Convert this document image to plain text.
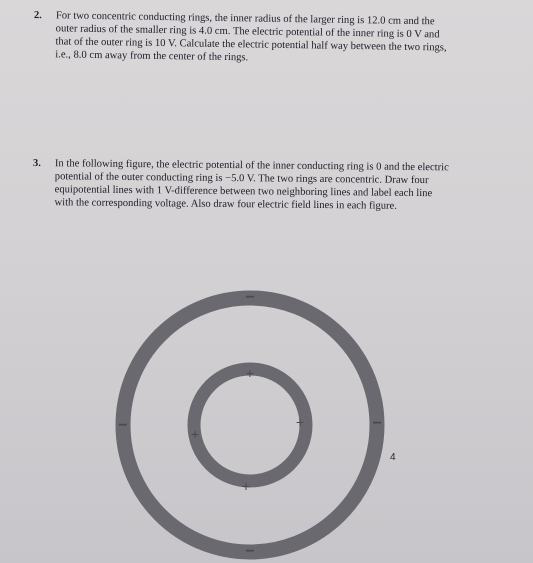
2. For two concentric conducting rings, the inner radius of the larger ring is 12.0 cm and the
outer radius of the smaller ring is 4.0 cm. The electric potential of the inner ring is 0 V and
that of the outer ring is 10 V. Calculate the electric potential half way between the two rings,
i.e., 8.0 cm away from the center of the rings.
3. In the following figure, the electric potential of the inner conducting ring is 0 and the electric
potential of the outer conducting ring is −5.0 V. The two rings are concentric. Draw four
equipotential lines with 1 V-difference between two neighboring lines and label each line
with the corresponding voltage. Also draw four electric field lines in each figure.
−
−	−
−
+
+
+
+
4
